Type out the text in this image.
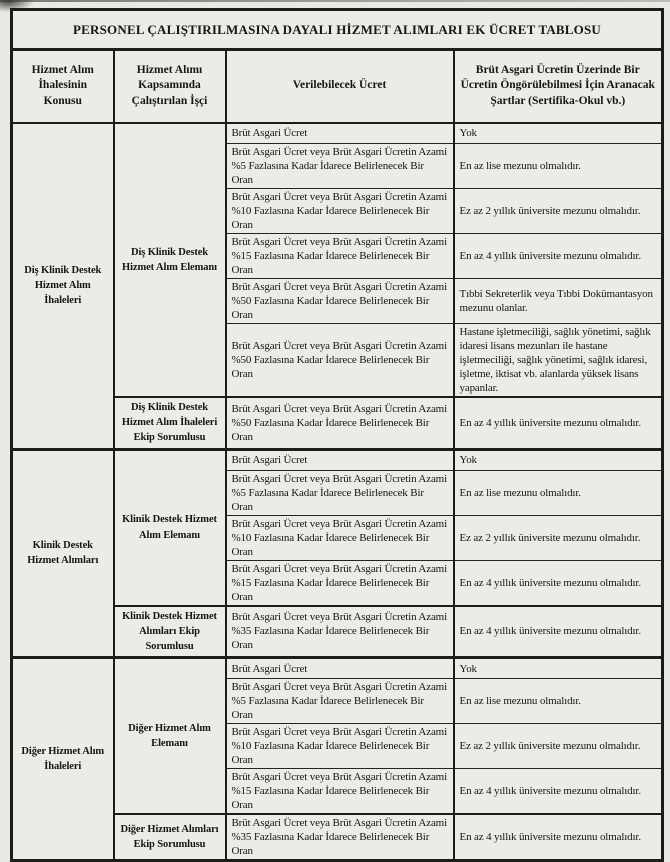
PERSONEL ÇALIŞTIRILMASINA DAYALI HİZMET ALIMLARI EK ÜCRET TABLOSU			
Hizmet Alım İhalesinin Konusu	Hizmet Alımı Kapsamında Çalıştırılan İşçi	Verilebilecek Ücret	Brüt Asgari Ücretin Üzerinde Bir Ücretin Öngörülebilmesi İçin Aranacak Şartlar (Sertifika-Okul vb.)
Diş Klinik Destek Hizmet Alım İhaleleri	Diş Klinik Destek Hizmet Alım Elemanı	Brüt Asgari Ücret	Yok
		Brüt Asgari Ücret veya Brüt Asgari Ücretin Azami %5 Fazlasına Kadar İdarece Belirlenecek Bir Oran	En az lise mezunu olmalıdır.
		Brüt Asgari Ücret veya Brüt Asgari Ücretin Azami %10 Fazlasına Kadar İdarece Belirlenecek Bir Oran	Ez az 2 yıllık üniversite mezunu olmalıdır.
		Brüt Asgari Ücret veya Brüt Asgari Ücretin Azami %15 Fazlasına Kadar İdarece Belirlenecek Bir Oran	En az 4 yıllık üniversite mezunu olmalıdır.
		Brüt Asgari Ücret veya Brüt Asgari Ücretin Azami %50 Fazlasına Kadar İdarece Belirlenecek Bir Oran	Tıbbi Sekreterlik veya Tıbbi Dokümantasyon mezunu olanlar.
		Brüt Asgari Ücret veya Brüt Asgari Ücretin Azami %50 Fazlasına Kadar İdarece Belirlenecek Bir Oran	Hastane işletmeciliği, sağlık yönetimi, sağlık idaresi lisans mezunları ile hastane işletmeciliği, sağlık yönetimi, sağlık idaresi, işletme, iktisat vb. alanlarda yüksek lisans yapanlar.
	Diş Klinik Destek Hizmet Alım İhaleleri Ekip Sorumlusu	Brüt Asgari Ücret veya Brüt Asgari Ücretin Azami %50 Fazlasına Kadar İdarece Belirlenecek Bir Oran	En az 4 yıllık üniversite mezunu olmalıdır.
Klinik Destek Hizmet Alımları	Klinik Destek Hizmet Alım Elemanı	Brüt Asgari Ücret	Yok
		Brüt Asgari Ücret veya Brüt Asgari Ücretin Azami %5 Fazlasına Kadar İdarece Belirlenecek Bir Oran	En az lise mezunu olmalıdır.
		Brüt Asgari Ücret veya Brüt Asgari Ücretin Azami %10 Fazlasına Kadar İdarece Belirlenecek Bir Oran	Ez az 2 yıllık üniversite mezunu olmalıdır.
		Brüt Asgari Ücret veya Brüt Asgari Ücretin Azami %15 Fazlasına Kadar İdarece Belirlenecek Bir Oran	En az 4 yıllık üniversite mezunu olmalıdır.
	Klinik Destek Hizmet Alımları Ekip Sorumlusu	Brüt Asgari Ücret veya Brüt Asgari Ücretin Azami %35 Fazlasına Kadar İdarece Belirlenecek Bir Oran	En az 4 yıllık üniversite mezunu olmalıdır.
Diğer Hizmet Alım İhaleleri	Diğer Hizmet Alım Elemanı	Brüt Asgari Ücret	Yok
		Brüt Asgari Ücret veya Brüt Asgari Ücretin Azami %5 Fazlasına Kadar İdarece Belirlenecek Bir Oran	En az lise mezunu olmalıdır.
		Brüt Asgari Ücret veya Brüt Asgari Ücretin Azami %10 Fazlasına Kadar İdarece Belirlenecek Bir Oran	Ez az 2 yıllık üniversite mezunu olmalıdır.
		Brüt Asgari Ücret veya Brüt Asgari Ücretin Azami %15 Fazlasına Kadar İdarece Belirlenecek Bir Oran	En az 4 yıllık üniversite mezunu olmalıdır.
	Diğer Hizmet Alımları Ekip Sorumlusu	Brüt Asgari Ücret veya Brüt Asgari Ücretin Azami %35 Fazlasına Kadar İdarece Belirlenecek Bir Oran	En az 4 yıllık üniversite mezunu olmalıdır.
